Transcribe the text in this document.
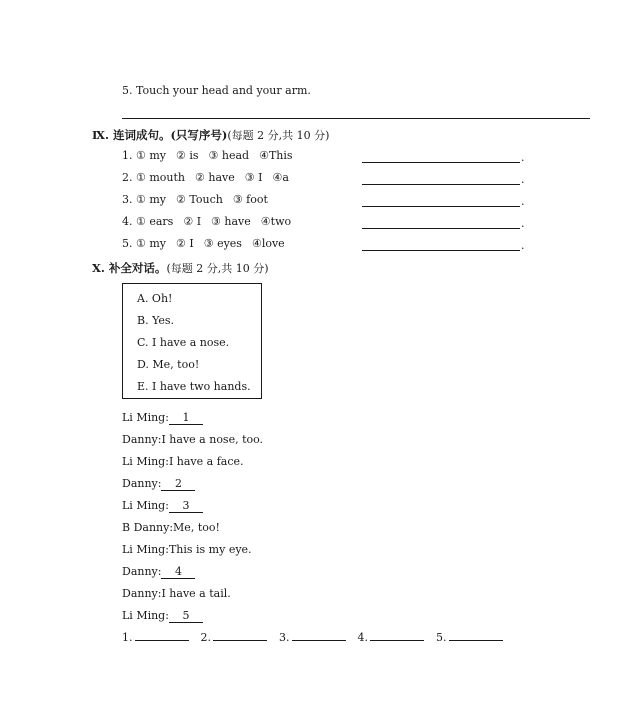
5. Touch your head and your arm.
Ⅸ. 连词成句。(只写序号)(每题 2 分,共 10 分)
1. ① my ② is ③ head ④This	.
2. ① mouth ② have ③ I ④a	.
3. ① my ② Touch ③ foot	.
4. ① ears ② I ③ have ④two	.
5. ① my ② I ③ eyes ④love	.
Ⅹ. 补全对话。(每题 2 分,共 10 分)
A. Oh!
B. Yes.
C. I have a nose.
D. Me, too!
E. I have two hands.
Li Ming: 1
Danny:I have a nose, too.
Li Ming:I have a face.
Danny: 2
Li Ming: 3
B Danny:Me, too!
Li Ming:This is my eye.
Danny: 4
Danny:I have a tail.
Li Ming: 5
1.	2.	3.	4.	5.
